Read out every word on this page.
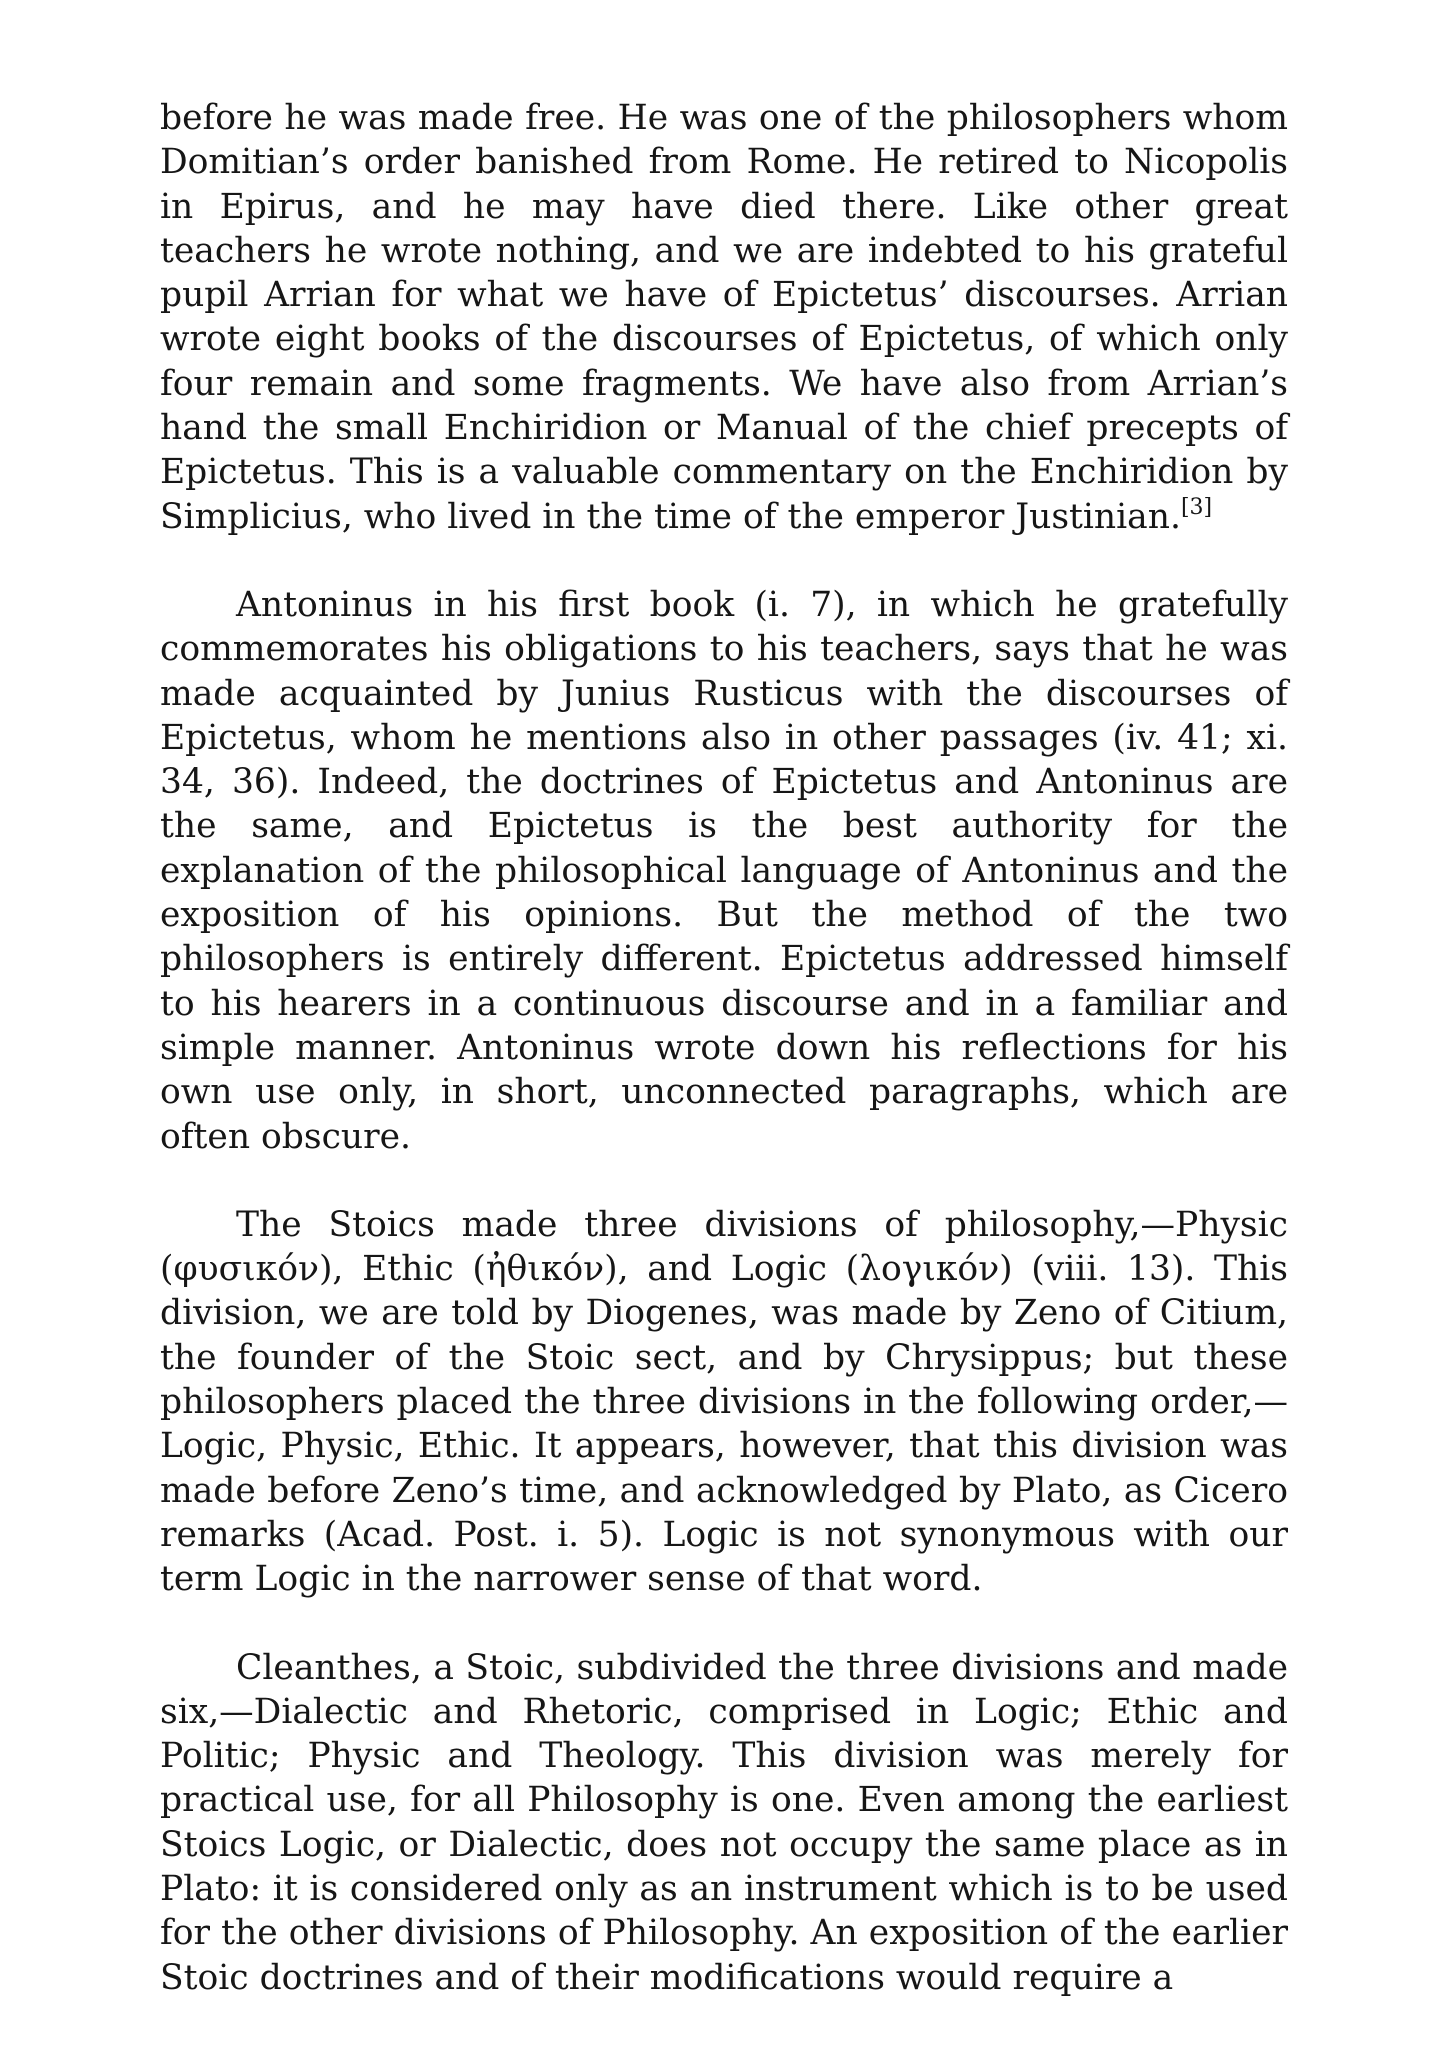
before he was made free. He was one of the philosophers whom Domitian’s order banished from Rome. He retired to Nicopolis in Epirus, and he may have died there. Like other great teachers he wrote nothing, and we are indebted to his grateful pupil Arrian for what we have of Epictetus’ discourses. Arrian wrote eight books of the discourses of Epictetus, of which only four remain and some fragments. We have also from Arrian’s hand the small Enchiridion or Manual of the chief precepts of Epictetus. This is a valuable commentary on the Enchiridion by Simplicius, who lived in the time of the emperor Justinian.[3]

Antoninus in his first book (i. 7), in which he gratefully commemorates his obligations to his teachers, says that he was made acquainted by Junius Rusticus with the discourses of Epictetus, whom he mentions also in other passages (iv. 41; xi. 34, 36). Indeed, the doctrines of Epictetus and Antoninus are the same, and Epictetus is the best authority for the explanation of the philosophical language of Antoninus and the exposition of his opinions. But the method of the two philosophers is entirely different. Epictetus addressed himself to his hearers in a continuous discourse and in a familiar and simple manner. Antoninus wrote down his reflections for his own use only, in short, unconnected paragraphs, which are often obscure.

The Stoics made three divisions of philosophy,—Physic (φυσικόν), Ethic (ἠθικόν), and Logic (λογικόν) (viii. 13). This division, we are told by Diogenes, was made by Zeno of Citium, the founder of the Stoic sect, and by Chrysippus; but these philosophers placed the three divisions in the following order,—Logic, Physic, Ethic. It appears, however, that this division was made before Zeno’s time, and acknowledged by Plato, as Cicero remarks (Acad. Post. i. 5). Logic is not synonymous with our term Logic in the narrower sense of that word.

Cleanthes, a Stoic, subdivided the three divisions and made six,—Dialectic and Rhetoric, comprised in Logic; Ethic and Politic; Physic and Theology. This division was merely for practical use, for all Philosophy is one. Even among the earliest Stoics Logic, or Dialectic, does not occupy the same place as in Plato: it is considered only as an instrument which is to be used for the other divisions of Philosophy. An exposition of the earlier Stoic doctrines and of their modifications would require a
